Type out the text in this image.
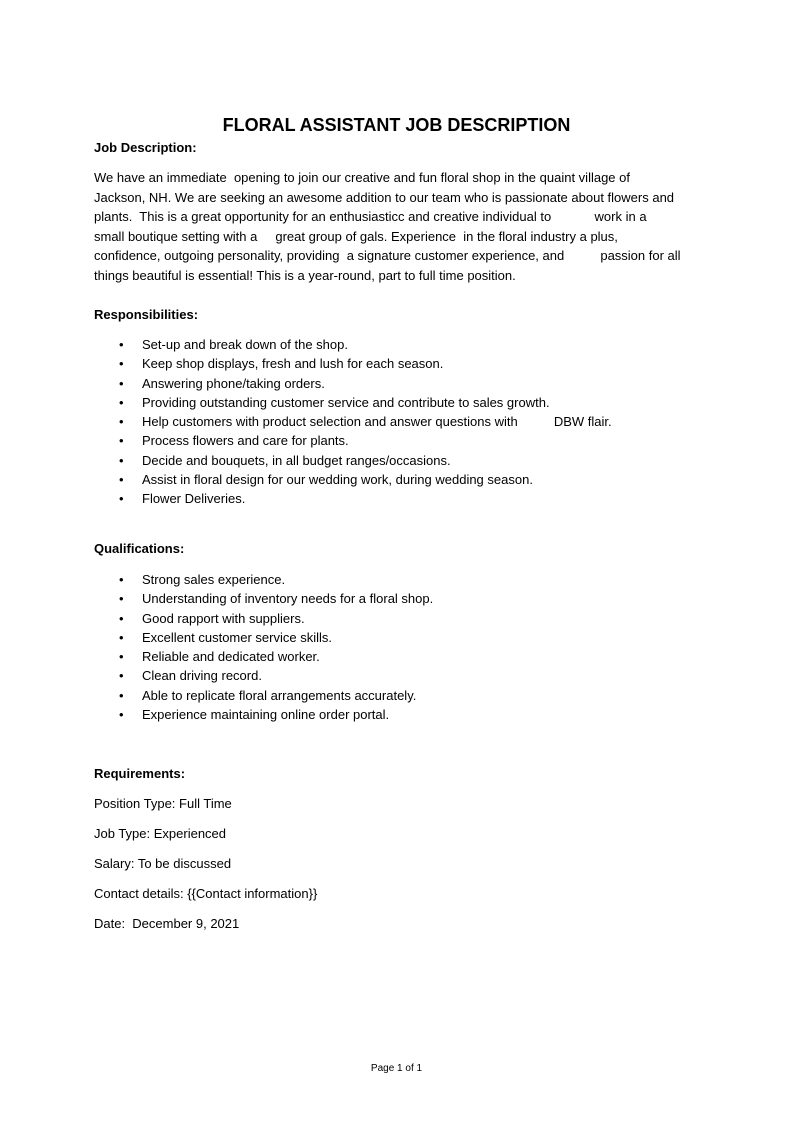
FLORAL ASSISTANT JOB DESCRIPTION
Job Description:

We have an immediate  opening to join our creative and fun floral shop in the quaint village of
Jackson, NH. We are seeking an awesome addition to our team who is passionate about flowers and
plants.  This is a great opportunity for an enthusiasticc and creative individual to            work in a
small boutique setting with a     great group of gals. Experience  in the floral industry a plus,
confidence, outgoing personality, providing  a signature customer experience, and          passion for all
things beautiful is essential! This is a year-round, part to full time position.

Responsibilities:
• Set-up and break down of the shop.
• Keep shop displays, fresh and lush for each season.
• Answering phone/taking orders.
• Providing outstanding customer service and contribute to sales growth.
• Help customers with product selection and answer questions with          DBW flair.
• Process flowers and care for plants.
• Decide and bouquets, in all budget ranges/occasions.
• Assist in floral design for our wedding work, during wedding season.
• Flower Deliveries.
Qualifications:
• Strong sales experience.
• Understanding of inventory needs for a floral shop.
• Good rapport with suppliers.
• Excellent customer service skills.
• Reliable and dedicated worker.
• Clean driving record.
• Able to replicate floral arrangements accurately.
• Experience maintaining online order portal.
Requirements:
Position Type: Full Time
Job Type: Experienced
Salary: To be discussed
Contact details: {{Contact information}}
Date:  December 9, 2021
Page 1 of 1
